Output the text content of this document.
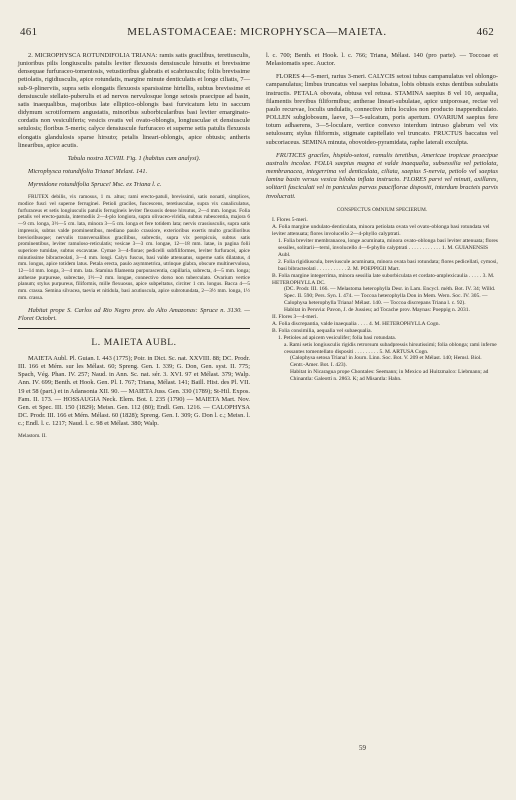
461	MELASTOMACEAE: MICROPHYSCA—MAIETA.	462

2. MICROPHYSCA ROTUNDIFOLIA TRIANA: ramis satis gracilibus, teretiusculis, junioribus pilis longiusculis patulis leviter flexuosis densiuscule hirsutis et brevissime densequae furfuraceo-tomentosis, vetustioribus glabratis et scabriusculis; foliis brevissime petiolatis, rigidiusculis, apice rotundatis, margine minute denticulatis et longe ciliatis, 7—sub-9-plinerviis, supra setis elongatis flexuosis sparsissime hirtellis, subtus brevissime et densiuscule stellato-puberulis et ad nervos nervulosque longe setosis praecipue ad basin, satis inaequalibus, majoribus late elliptico-oblongis basi furvicatum letu in saccum didymum scrotiformem angustatis, minoribus suborbicularibus basi leviter emarginato-cordatis non vesiculiferis; vesicis ovatis vel ovato-oblongis, longiusculae et densiuscule setulosis; floribus 5-meris; calyce densiuscule furfuraceo et superne setis patulis flexuosis elongatis glandulosis sparse hirsuto; petalis lineari-oblongis, apice obtusis; antheris linearibus, apice acutis.

Tabula nostra XCVIII. Fig. 1 (habitus cum analysi).

Microphysca rotundifolia Triana! Melast. 141.

Myrmidone rotundifolia Spruce! Msc. ex Triana l. c.

FRUTEX debilis, vix ramosus, 1 m. altus; rami erecto-patuli, brevissimi, satis nonatti, simplices, modice fusci vel superne ferruginei. Petioli graciles, fuscescens, teretiusculae, supra vix canaliculatus, furfuraceus et setis longiusculis patulis ferrugineis leviter flexuosis dense hirsutus, 2—4 mm. longus. Folia petalis vel erecto-patula, internodiis 2—4-plo longiora, supra olivaceo-viridia, subtus rubescentia, majora 6—9 cm. longa, 3½—5 cm. lata, minora 3—5 cm. longa et fere totidem lata; nervis crassiusculis, supra satis impressis, subtus valde prominentibus, mediano paulo crassiore, exterioribus exertis multo gracilioribus brevioribusque; nervulis transversalibus gracilibus, subrectis, supra vix perspicuis, subtus satis prominentibus, leviter ramuloso-reticulatis; vesicae 3—3 cm. longae, 12—18 mm. latae, in pagina folii superiore tumidae, subtus excavatae. Cymae 3—4-florae; pedicelli subfiliformes, leviter furfuracei, apice minutissime bibracteolati, 3—4 mm. longi. Calyx fuscus, basi valde attenuatus, superne satis dilatatus, 4 mm. longus, apice totidem latus. Petala erecta, paulo asymmetrica, utrinque glabra, obscure multinervulosa, 12—14 mm. longa, 3—4 mm. lata. Stamina filamenta purpurascentia, capillaria, subrecta, 4—5 mm. longa; antherae purpureae, subrectae, 1½—2 mm. longae, connectivo dorso non tuberculato. Ovarium vertice planum; stylus purpureus, filiformis, mille flexuosus, apice subpeltatus, circiter 1 cm. longus. Bacca 4—5 mm. crassa. Semina silvacea, taevia et nitidula, basi acutiuscula, apice subrotundata, 2—3½ mm. longa, 1½ mm. crassa.

Habitat prope S. Carlos ad Rio Negro prov. do Alto Amazonas: Spruce n. 3130. — Floret Octobri.

L. MAIETA AUBL.

MAIETA Aubl. Pl. Guian. I. 443 (1775); Poir. in Dict. Sc. nat. XXVIII. 88; DC. Prodr. III. 166 et Mém. sur les Mélast. 60; Spreng. Gen. I. 339; G. Don, Gen. syst. II. 775; Spach, Vég. Phan. IV. 257; Naud. in Ann. Sc. nat. sér. 3. XVI. 97 et Mélast. 379; Walp. Ann. IV. 699; Benth. et Hook. Gen. Pl. I. 767; Triana, Mélast. 141; Baill. Hist. des Pl. VII. 19 et 58 (part.) et in Adansonia XII. 90. — MAIETA Juss. Gen. 330 (1789); St-Hil. Expos. Fam. II. 173. — HOSSAUGIA Neck. Elem. Bot. I. 235 (1790) — MAIETA Mart. Nov. Gen. et Spec. III. 150 (1829); Meisn. Gen. 112 (80); Endl. Gen. 1216. — CALOPHYSA DC. Prodr. III. 166 et Mém. Mélast. 60 (1828); Spreng. Gen. I. 309; G. Don l. c.; Meisn. l. c.; Endl. l. c. 1217; Naud. l. c. 98 et Mélast. 380; Walp.

Melastom. II.

l. c. 700; Benth. et Hook. l. c. 766; Triana, Mélast. 140 (pro parte). — Toccoae et Melastomatis spec. Auctor.

FLORES 4—5-meri, rarius 3-meri. CALYCIS setosi tubus campanulatus vel oblongo-campanulatus; limbus truncatus vel saepius lobatus, lobis obtusis extus dentibus subulatis instructis. PETALA obovata, obtusa vel retusa. STAMINA saepius 8 vel 10, aequalia, filamentis brevibus filiformibus; antherae lineari-subulatae, apice uniporosae, rectae vel paulo recurvae, loculis undulatis, connectivo infra loculos non producto inappendiculato. POLLEN subglobosum, laeve, 3—5-sulcatum, poris apertum. OVARIUM saepius fere totum adhaerens, 3—5-loculare, vertice convexo interdum intruso glabrum vel vix setulosum; stylus filiformis, stigmate capitellato vel truncato. FRUCTUS baccatus vel subcoriaceus. SEMINA minuta, obovoideo-pyramidata, raphe laterali exculpta.

FRUTICES graciles, hispido-setosi, ramulis teretibus, Americae tropicae praecipue australis incolae. FOLIA saepius magna et valde inaequalia, subsessilia vel petiolata, membranacea, integerrima vel denticulata, ciliata, saepius 5-nervia, petiolo vel saepius lamina basin versus vesica biloba inflata instructo. FLORES parvi vel minuti, axillares, solitarii fasciculati vel in paniculas parvas pauciflorae dispositi, interdum bracteis parvis involucrati.

CONSPECTUS OMNIUM SPECIERUM.

I. Flores 5-meri.

A. Folia margine undulato-denticulata, minora petiolata ovata vel ovato-oblonga basi rotundata vel leviter attenuata; flores involucello 2—4-phyllo calyptrati.

1. Folia breviter membranacea, longe acuminata, minora ovato-oblonga basi leviter attenuata; flores sessiles, solitarii—terni, involucello 4—6-phyllo calyptrati . . . . . . . . . . . . 1. M. GUIANENSIS Aubl.

2. Folia rigidiuscula, breviuscule acuminata, minora ovata basi rotundata; flores pedicellati, cymosi, basi bibracteolati . . . . . . . . . . . 2. M. POEPPIGII Mart.

B. Folia margine integerrima, minora sessilia late suborbiculata et cordato-amplexicaulia . . . . . 3. M. HETEROPHYLLA DC.

(DC. Prodr. III. 166. — Melastoma heterophylla Desr. in Lam. Encycl. méth. Bot. IV. 34; Willd. Spec. II. 590; Pers. Syn. I. 474. — Toccoa heterophylla Don in Mem. Wern. Soc. IV. 305. — Calophysa heterophylla Triana! Mélast. 140. — Toccoa discrepans Triana l. c. 92).

Habitat in Peruvia: Pavon, J. de Jussieu; ad Tocache prov. Maynas: Poeppig n. 2031.

II. Flores 3—4-meri.

A. Folia discrepantia, valde inaequalia . . . . 4. M. HETEROPHYLLA Cogn.

B. Folia consimilia, aequalia vel subaequalia.

1. Petioles ad apicem vesiculifer; folia basi rotundata.

a. Rami setis longiusculis rigidis retrorsum subadpressis hirsutissimi; folia oblonga; rami inferne cessantes tomentellato dispositi . . . . . . . . . 5. M. ARTUSA Cogn.

(Calophysa setosa Triana! in Journ. Linn. Soc. Bot. V. 209 et Mélast. 140; Hemsl. Biol. Centr.-Amer. Bot. I. 423).

Habitat in Nicaragua prope Chontales: Seemann; in Mexico ad Huitzmalco: Liebmann; ad Chinantla: Galeotti n. 2863. K; ad Misantla: Hahn.

59
